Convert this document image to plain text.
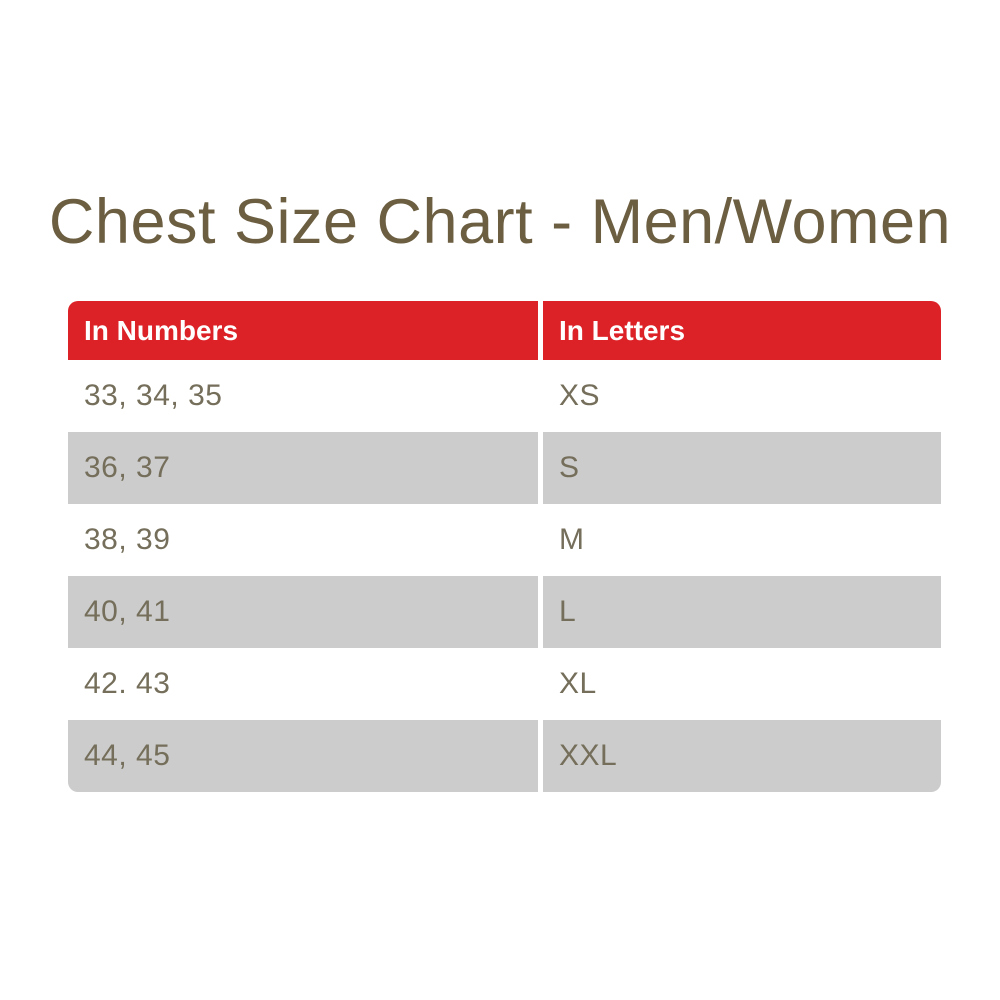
Chest Size Chart - Men/Women
In Numbers	In Letters
33, 34, 35	XS
36, 37	S
38, 39	M
40, 41	L
42. 43	XL
44, 45	XXL
